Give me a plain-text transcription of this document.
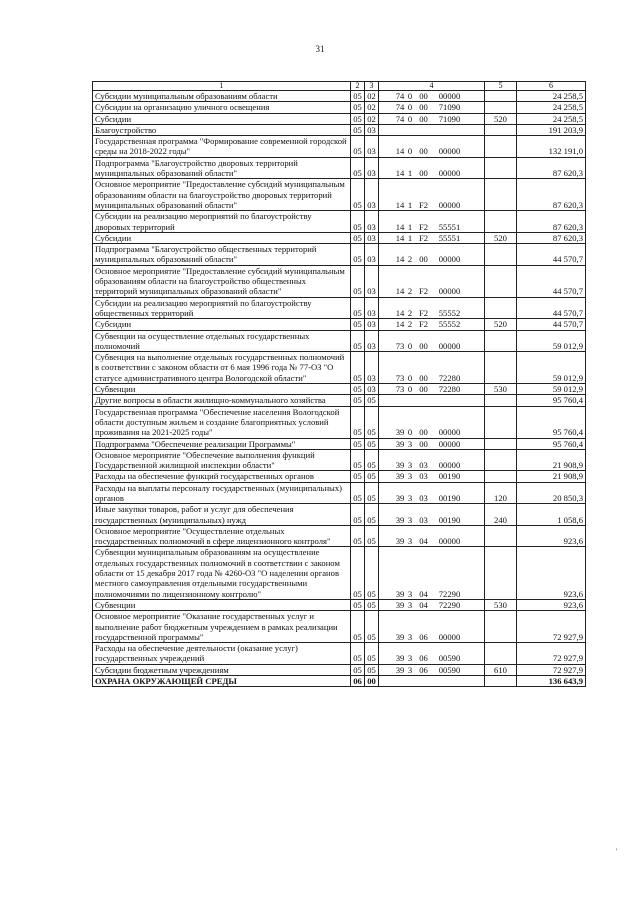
31
1	2	3	4	5	6
Субсидии муниципальным образованиям области	05	02	74 0 00 00000		24 258,5
Субсидии на организацию уличного освещения	05	02	74 0 00 71090		24 258,5
Субсидии	05	02	74 0 00 71090	520	24 258,5
Благоустройство	05	03			191 203,9
Государственная программа "Формирование современной городской среды на 2018-2022 годы"	05	03	14 0 00 00000		132 191,0
Подпрограмма "Благоустройство дворовых территорий муниципальных образований области"	05	03	14 1 00 00000		87 620,3
Основное мероприятие "Предоставление субсидий муниципальным образованиям области на благоустройство дворовых территорий муниципальных образований области"	05	03	14 1 F2 00000		87 620,3
Субсидии на реализацию мероприятий по благоустройству дворовых территорий	05	03	14 1 F2 55551		87 620,3
Субсидии	05	03	14 1 F2 55551	520	87 620,3
Подпрограмма "Благоустройство общественных территорий муниципальных образований области"	05	03	14 2 00 00000		44 570,7
Основное мероприятие "Предоставление субсидий муниципальным образованиям области на благоустройство общественных территорий муниципальных образований области"	05	03	14 2 F2 00000		44 570,7
Субсидии на реализацию мероприятий по благоустройству общественных территорий	05	03	14 2 F2 55552		44 570,7
Субсидии	05	03	14 2 F2 55552	520	44 570,7
Субвенции на осуществление отдельных государственных полномочий	05	03	73 0 00 00000		59 012,9
Субвенция на выполнение отдельных государственных полномочий в соответствии с законом области от 6 мая 1996 года № 77-ОЗ "О статусе административного центра Вологодской области"	05	03	73 0 00 72280		59 012,9
Субвенции	05	03	73 0 00 72280	530	59 012,9
Другие вопросы в области жилищно-коммунального хозяйства	05	05			95 760,4
Государственная программа "Обеспечение населения Вологодской области доступным жильем и создание благоприятных условий проживания на 2021-2025 годы"	05	05	39 0 00 00000		95 760,4
Подпрограмма "Обеспечение реализации Программы"	05	05	39 3 00 00000		95 760,4
Основное мероприятие "Обеспечение выполнения функций Государственной жилищной инспекции области"	05	05	39 3 03 00000		21 908,9
Расходы на обеспечение функций государственных органов	05	05	39 3 03 00190		21 908,9
Расходы на выплаты персоналу государственных (муниципальных) органов	05	05	39 3 03 00190	120	20 850,3
Иные закупки товаров, работ и услуг для обеспечения государственных (муниципальных) нужд	05	05	39 3 03 00190	240	1 058,6
Основное мероприятие "Осуществление отдельных государственных полномочий в сфере лицензионного контроля"	05	05	39 3 04 00000		923,6
Субвенции муниципальным образованиям на осуществление отдельных государственных полномочий в соответствии с законом области от 15 декабря 2017 года № 4260-ОЗ "О наделении органов местного самоуправления отдельными государственными полномочиями по лицензионному контролю"	05	05	39 3 04 72290		923,6
Субвенции	05	05	39 3 04 72290	530	923,6
Основное мероприятие "Оказание государственных услуг и выполнение работ бюджетным учреждением в рамках реализации государственной программы"	05	05	39 3 06 00000		72 927,9
Расходы на обеспечение деятельности (оказание услуг) государственных учреждений	05	05	39 3 06 00590		72 927,9
Субсидии бюджетным учреждениям	05	05	39 3 06 00590	610	72 927,9
ОХРАНА ОКРУЖАЮЩЕЙ СРЕДЫ	06	00			136 643,9
'
